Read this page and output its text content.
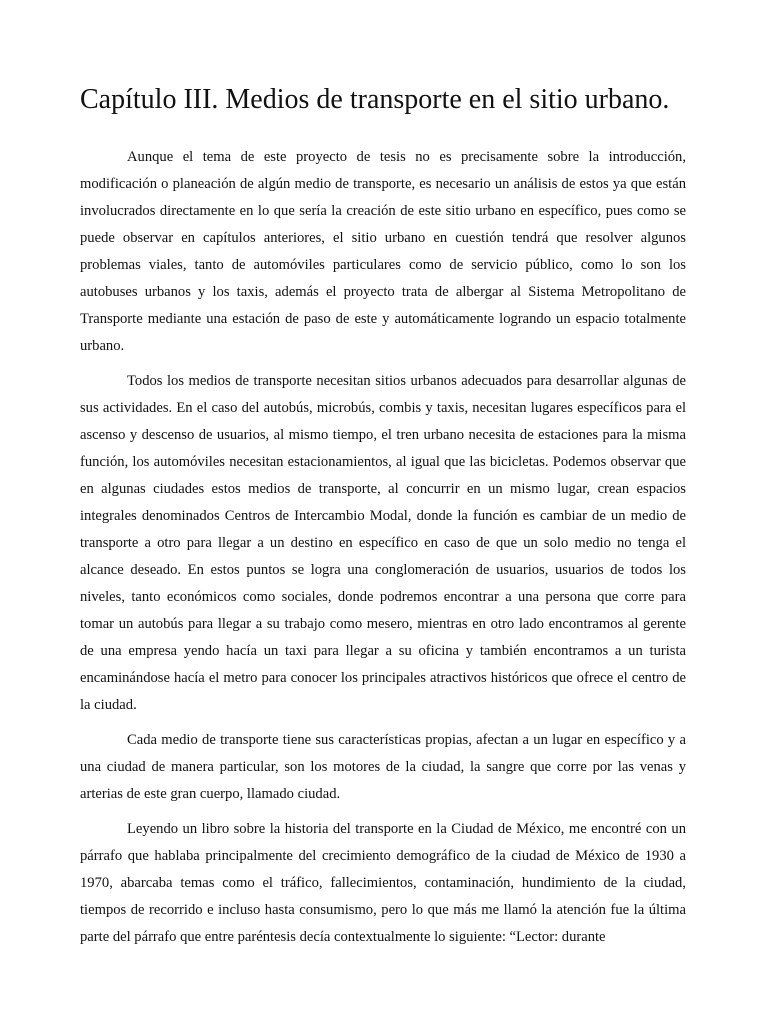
Capítulo III. Medios de transporte en el sitio urbano.

Aunque el tema de este proyecto de tesis no es precisamente sobre la introducción, modificación o planeación de algún medio de transporte, es necesario un análisis de estos ya que están involucrados directamente en lo que sería la creación de este sitio urbano en específico, pues como se puede observar en capítulos anteriores, el sitio urbano en cuestión tendrá que resolver algunos problemas viales, tanto de automóviles particulares como de servicio público, como lo son los autobuses urbanos y los taxis, además el proyecto trata de albergar al Sistema Metropolitano de Transporte mediante una estación de paso de este y automáticamente logrando un espacio totalmente urbano.

Todos los medios de transporte necesitan sitios urbanos adecuados para desarrollar algunas de sus actividades. En el caso del autobús, microbús, combis y taxis, necesitan lugares específicos para el ascenso y descenso de usuarios, al mismo tiempo, el tren urbano necesita de estaciones para la misma función, los automóviles necesitan estacionamientos, al igual que las bicicletas. Podemos observar que en algunas ciudades estos medios de transporte, al concurrir en un mismo lugar, crean espacios integrales denominados Centros de Intercambio Modal, donde la función es cambiar de un medio de transporte a otro para llegar a un destino en específico en caso de que un solo medio no tenga el alcance deseado. En estos puntos se logra una conglomeración de usuarios, usuarios de todos los niveles, tanto económicos como sociales, donde podremos encontrar a una persona que corre para tomar un autobús para llegar a su trabajo como mesero, mientras en otro lado encontramos al gerente de una empresa yendo hacía un taxi para llegar a su oficina y también encontramos a un turista encaminándose hacía el metro para conocer los principales atractivos históricos que ofrece el centro de la ciudad.

Cada medio de transporte tiene sus características propias, afectan a un lugar en específico y a una ciudad de manera particular, son los motores de la ciudad, la sangre que corre por las venas y arterias de este gran cuerpo, llamado ciudad.

Leyendo un libro sobre la historia del transporte en la Ciudad de México, me encontré con un párrafo que hablaba principalmente del crecimiento demográfico de la ciudad de México de 1930 a 1970, abarcaba temas como el tráfico, fallecimientos, contaminación, hundimiento de la ciudad, tiempos de recorrido e incluso hasta consumismo, pero lo que más me llamó la atención fue la última parte del párrafo que entre paréntesis decía contextualmente lo siguiente: “Lector: durante
